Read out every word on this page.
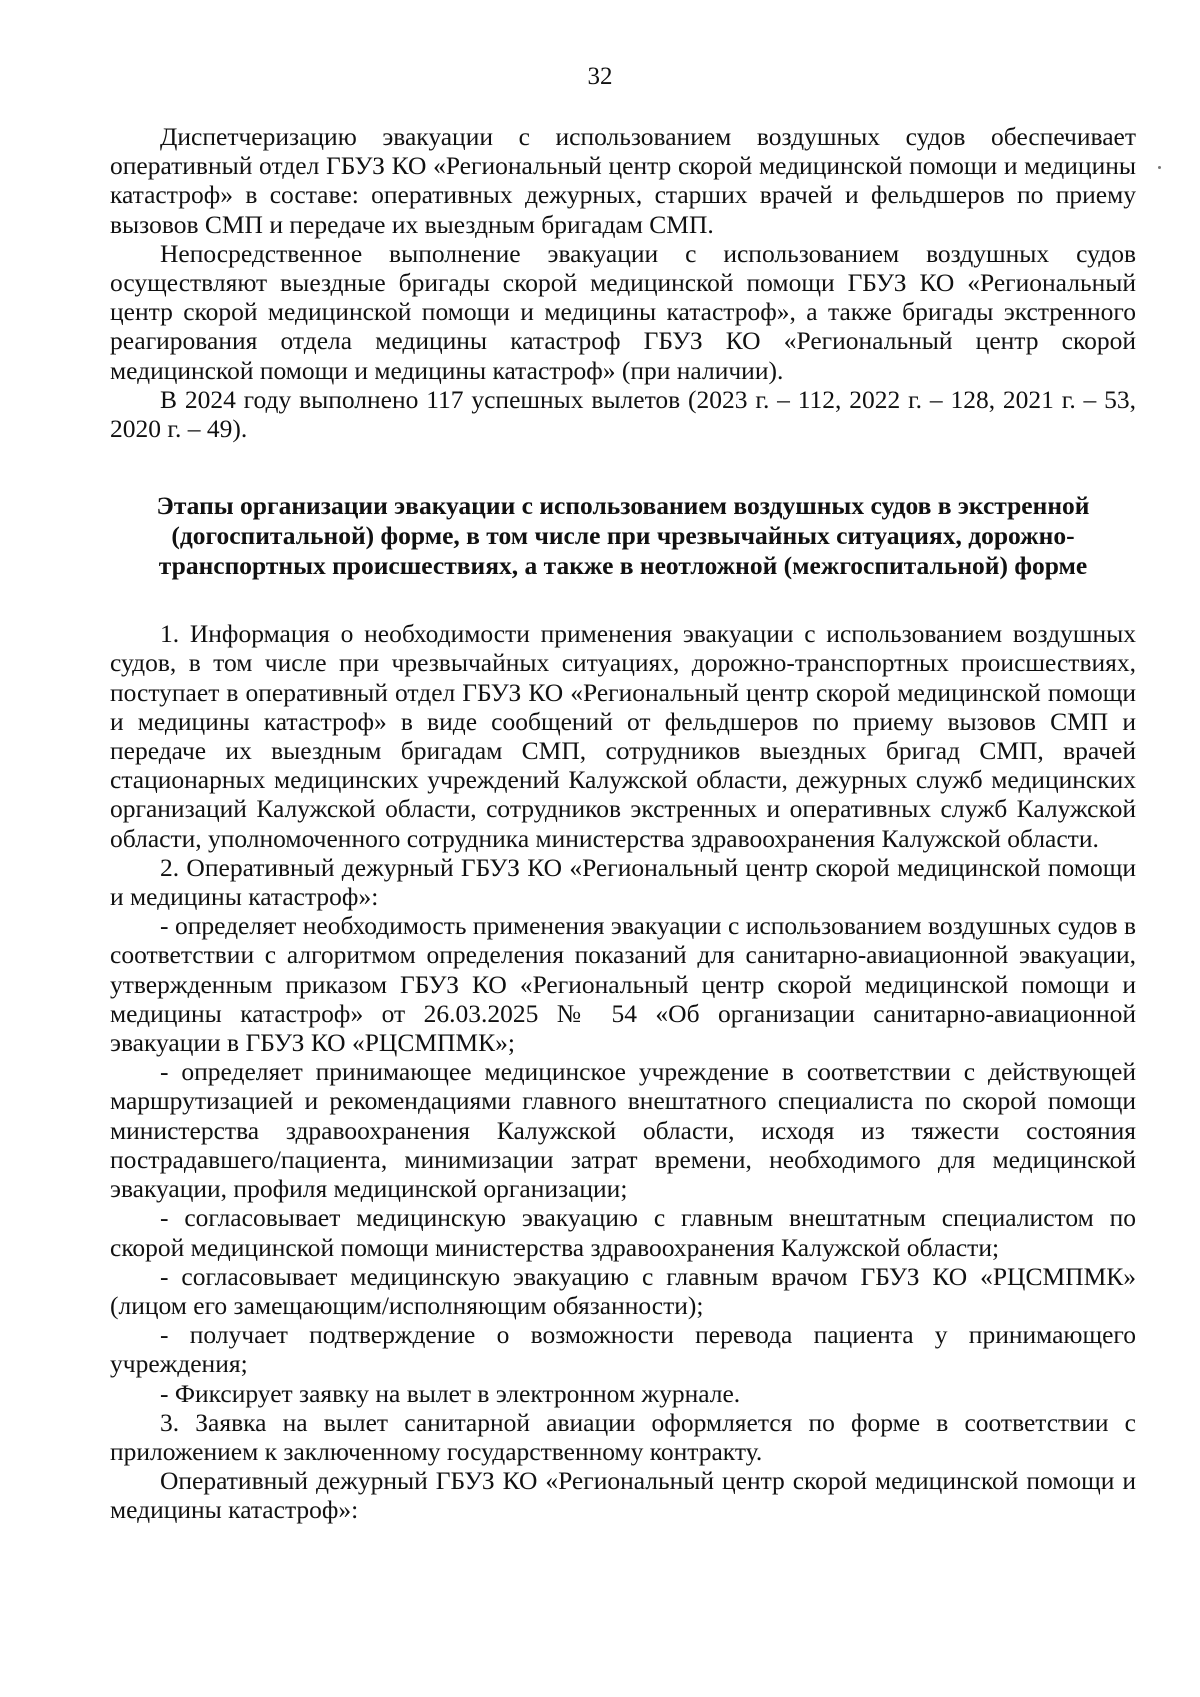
32

Диспетчеризацию эвакуации с использованием воздушных судов обеспечивает оперативный отдел ГБУЗ КО «Региональный центр скорой медицинской помощи и медицины катастроф» в составе: оперативных дежурных, старших врачей и фельдшеров по приему вызовов СМП и передаче их выездным бригадам СМП.

Непосредственное выполнение эвакуации с использованием воздушных судов осуществляют выездные бригады скорой медицинской помощи ГБУЗ КО «Региональный центр скорой медицинской помощи и медицины катастроф», а также бригады экстренного реагирования отдела медицины катастроф ГБУЗ КО «Региональный центр скорой медицинской помощи и медицины катастроф» (при наличии).

В 2024 году выполнено 117 успешных вылетов (2023 г. – 112, 2022 г. – 128, 2021 г. – 53, 2020 г. – 49).

Этапы организации эвакуации с использованием воздушных судов в экстренной (догоспитальной) форме, в том числе при чрезвычайных ситуациях, дорожно-транспортных происшествиях, а также в неотложной (межгоспитальной) форме

1. Информация о необходимости применения эвакуации с использованием воздушных судов, в том числе при чрезвычайных ситуациях, дорожно-транспортных происшествиях, поступает в оперативный отдел ГБУЗ КО «Региональный центр скорой медицинской помощи и медицины катастроф» в виде сообщений от фельдшеров по приему вызовов СМП и передаче их выездным бригадам СМП, сотрудников выездных бригад СМП, врачей стационарных медицинских учреждений Калужской области, дежурных служб медицинских организаций Калужской области, сотрудников экстренных и оперативных служб Калужской области, уполномоченного сотрудника министерства здравоохранения Калужской области.

2. Оперативный дежурный ГБУЗ КО «Региональный центр скорой медицинской помощи и медицины катастроф»:

- определяет необходимость применения эвакуации с использованием воздушных судов в соответствии с алгоритмом определения показаний для санитарно-авиационной эвакуации, утвержденным приказом ГБУЗ КО «Региональный центр скорой медицинской помощи и медицины катастроф» от 26.03.2025 № 54 «Об организации санитарно-авиационной эвакуации в ГБУЗ КО «РЦСМПМК»;

- определяет принимающее медицинское учреждение в соответствии с действующей маршрутизацией и рекомендациями главного внештатного специалиста по скорой помощи министерства здравоохранения Калужской области, исходя из тяжести состояния пострадавшего/пациента, минимизации затрат времени, необходимого для медицинской эвакуации, профиля медицинской организации;

- согласовывает медицинскую эвакуацию с главным внештатным специалистом по скорой медицинской помощи министерства здравоохранения Калужской области;

- согласовывает медицинскую эвакуацию с главным врачом ГБУЗ КО «РЦСМПМК» (лицом его замещающим/исполняющим обязанности);

- получает подтверждение о возможности перевода пациента у принимающего учреждения;

- Фиксирует заявку на вылет в электронном журнале.

3. Заявка на вылет санитарной авиации оформляется по форме в соответствии с приложением к заключенному государственному контракту.

Оперативный дежурный ГБУЗ КО «Региональный центр скорой медицинской помощи и медицины катастроф»:
